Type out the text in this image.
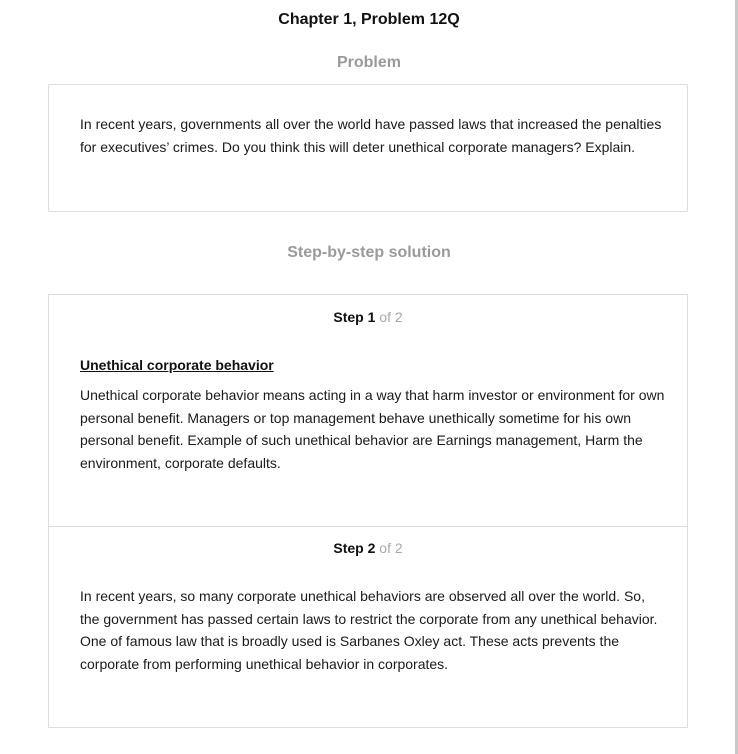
Chapter 1, Problem 12Q
Problem
In recent years, governments all over the world have passed laws that increased the penalties for executives’ crimes. Do you think this will deter unethical corporate managers? Explain.
Step-by-step solution
Step 1 of 2
Unethical corporate behavior
Unethical corporate behavior means acting in a way that harm investor or environment for own personal benefit. Managers or top management behave unethically sometime for his own personal benefit. Example of such unethical behavior are Earnings management, Harm the environment, corporate defaults.
Step 2 of 2
In recent years, so many corporate unethical behaviors are observed all over the world. So, the government has passed certain laws to restrict the corporate from any unethical behavior. One of famous law that is broadly used is Sarbanes Oxley act. These acts prevents the corporate from performing unethical behavior in corporates.
